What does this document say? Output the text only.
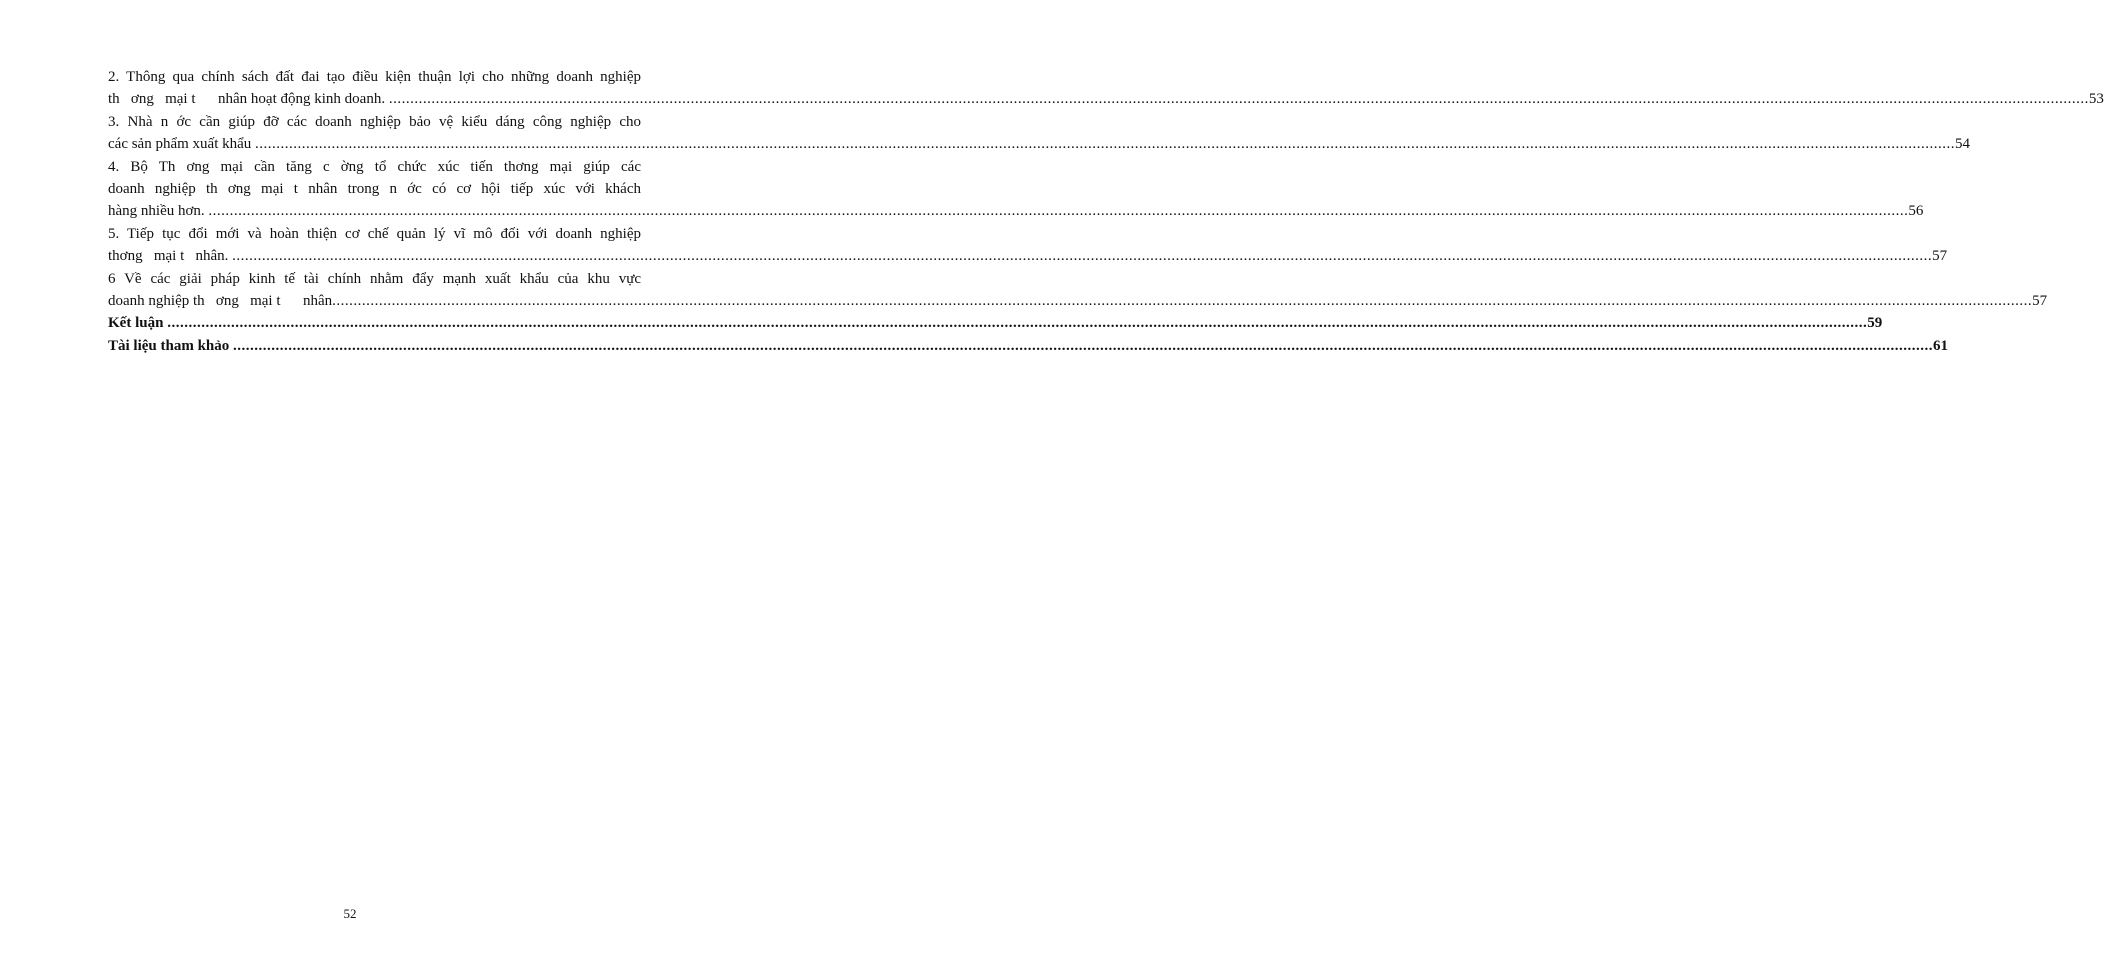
2. Thông qua chính sách đất đai tạo điều kiện thuận lợi cho những doanh nghiệp
th   ơng   mại t      nhân hoạt động kinh doanh. ................................................................................................................................................................................................................................................................................................................................................................................................................ 53
3. Nhà n ớc cần giúp đỡ các doanh nghiệp bảo vệ kiểu dáng công nghiệp cho
các sản phẩm xuất khẩu ................................................................................................................................................................................................................................................................................................................................................................................................................ 54
4. Bộ Th ơng mại cần tăng c ờng tổ chức xúc tiến thơng mại giúp các
doanh nghiệp th ơng mại t nhân trong n ớc có cơ hội tiếp xúc với khách
hàng nhiều hơn. ................................................................................................................................................................................................................................................................................................................................................................................................................ 56
5. Tiếp tục đổi mới và hoàn thiện cơ chế quản lý vĩ mô đối với doanh nghiệp
thơng   mại t   nhân. ................................................................................................................................................................................................................................................................................................................................................................................................................ 57
6 Về các giải pháp kinh tế tài chính nhằm đẩy mạnh xuất khẩu của khu vực
doanh nghiệp th   ơng   mại t      nhân ................................................................................................................................................................................................................................................................................................................................................................................................................ 57
Kết luận ................................................................................................................................................................................................................................................................................................................................................................................................................ 59
Tài liệu tham khảo ................................................................................................................................................................................................................................................................................................................................................................................................................ 61
52
